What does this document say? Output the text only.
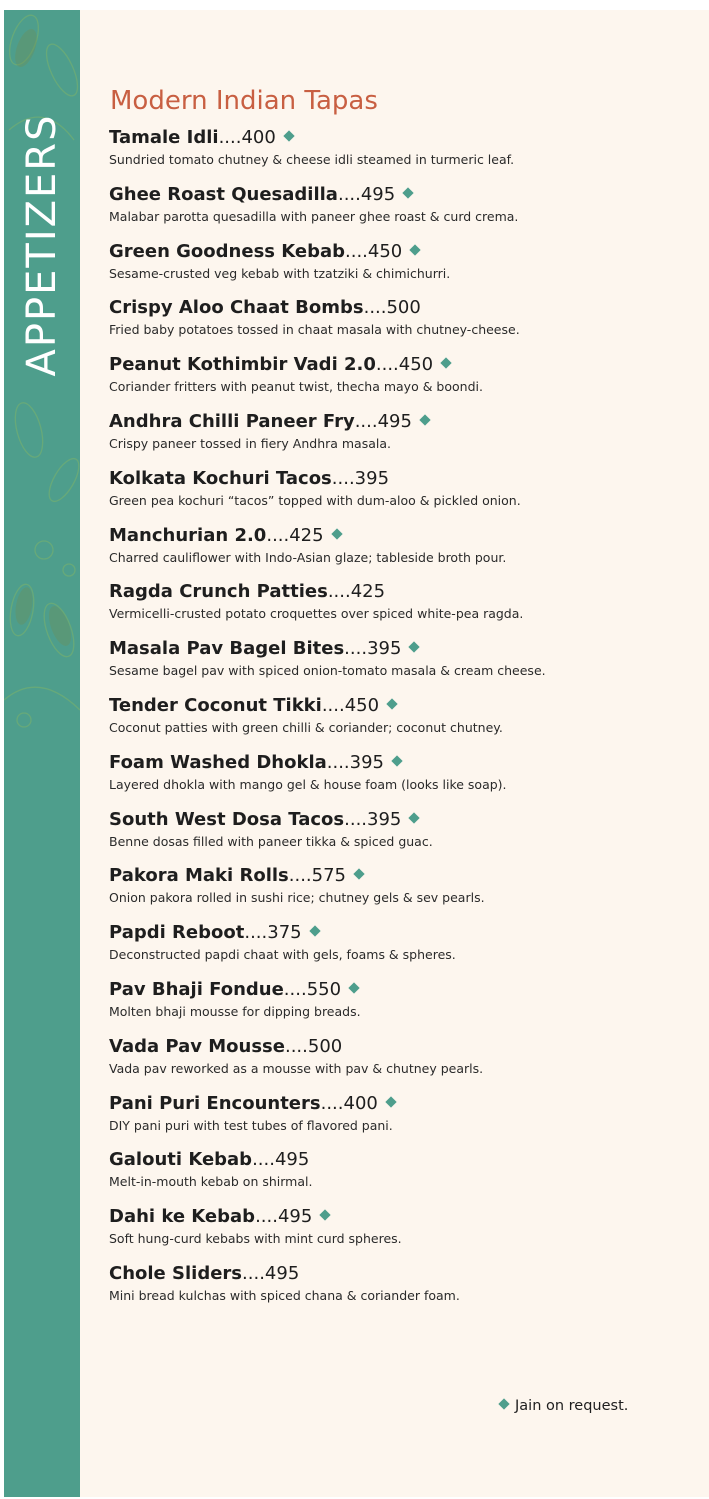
APPETIZERS
Modern Indian Tapas
Tamale Idli....400
Sundried tomato chutney & cheese idli steamed in turmeric leaf.
Ghee Roast Quesadilla....495
Malabar parotta quesadilla with paneer ghee roast & curd crema.
Green Goodness Kebab....450
Sesame-crusted veg kebab with tzatziki & chimichurri.
Crispy Aloo Chaat Bombs....500
Fried baby potatoes tossed in chaat masala with chutney-cheese.
Peanut Kothimbir Vadi 2.0....450
Coriander fritters with peanut twist, thecha mayo & boondi.
Andhra Chilli Paneer Fry....495
Crispy paneer tossed in fiery Andhra masala.
Kolkata Kochuri Tacos....395
Green pea kochuri “tacos” topped with dum-aloo & pickled onion.
Manchurian 2.0....425
Charred cauliflower with Indo-Asian glaze; tableside broth pour.
Ragda Crunch Patties....425
Vermicelli-crusted potato croquettes over spiced white-pea ragda.
Masala Pav Bagel Bites....395
Sesame bagel pav with spiced onion-tomato masala & cream cheese.
Tender Coconut Tikki....450
Coconut patties with green chilli & coriander; coconut chutney.
Foam Washed Dhokla....395
Layered dhokla with mango gel & house foam (looks like soap).
South West Dosa Tacos....395
Benne dosas filled with paneer tikka & spiced guac.
Pakora Maki Rolls....575
Onion pakora rolled in sushi rice; chutney gels & sev pearls.
Papdi Reboot....375
Deconstructed papdi chaat with gels, foams & spheres.
Pav Bhaji Fondue....550
Molten bhaji mousse for dipping breads.
Vada Pav Mousse....500
Vada pav reworked as a mousse with pav & chutney pearls.
Pani Puri Encounters....400
DIY pani puri with test tubes of flavored pani.
Galouti Kebab....495
Melt-in-mouth kebab on shirmal.
Dahi ke Kebab....495
Soft hung-curd kebabs with mint curd spheres.
Chole Sliders....495
Mini bread kulchas with spiced chana & coriander foam.
Jain on request.
